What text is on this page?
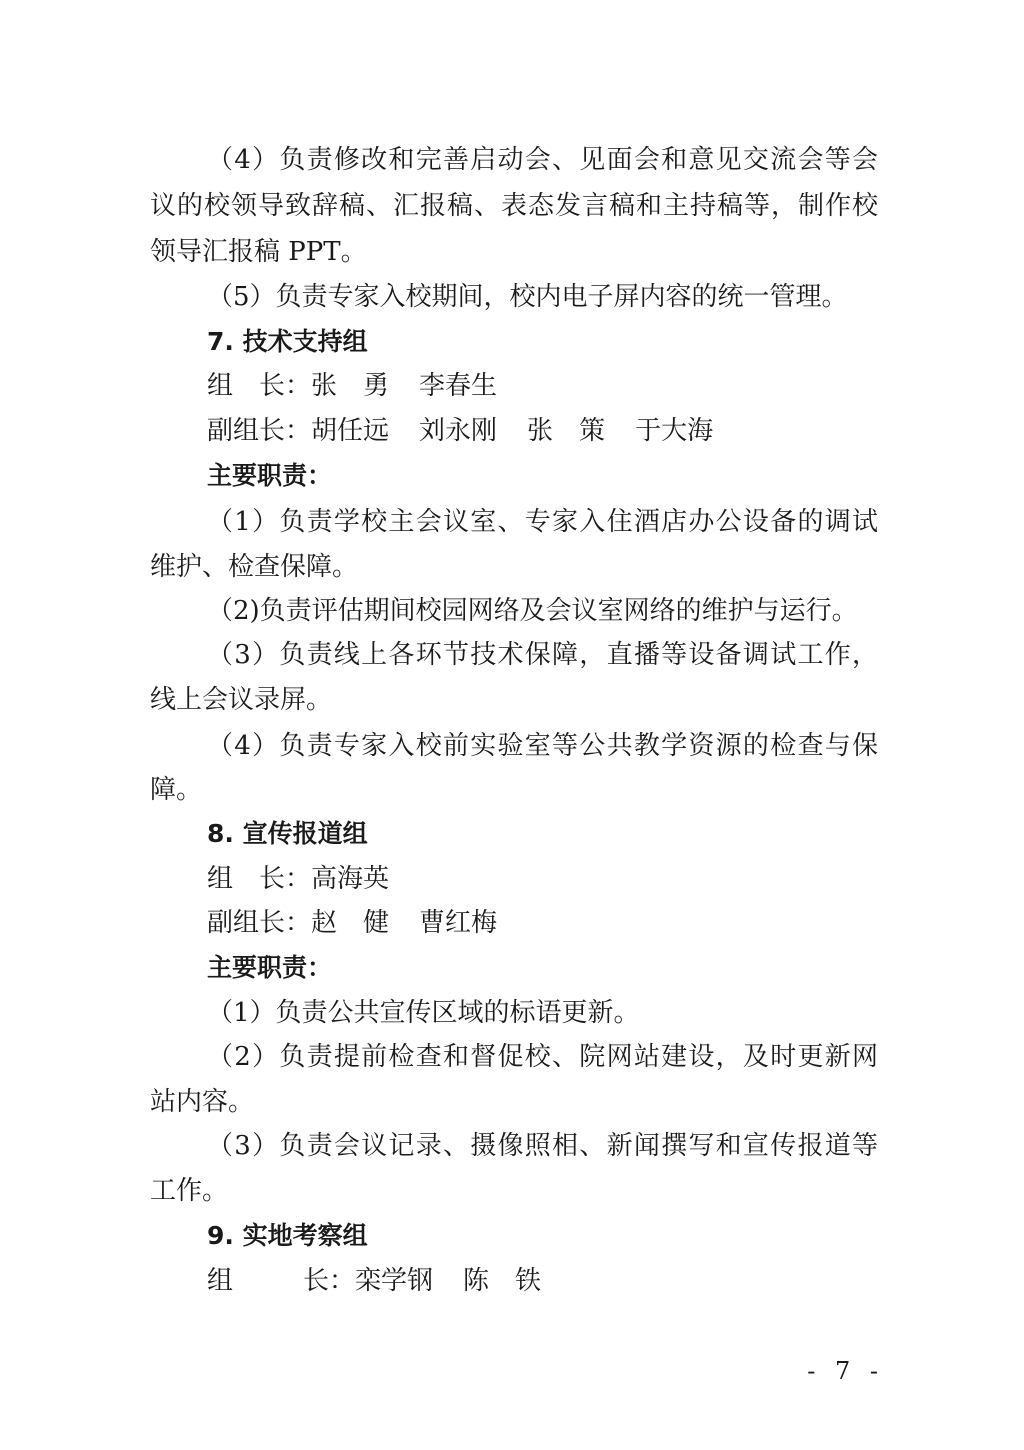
（4）负责修改和完善启动会、见面会和意见交流会等会
议的校领导致辞稿、汇报稿、表态发言稿和主持稿等，制作校
领导汇报稿 PPT。
（5）负责专家入校期间，校内电子屏内容的统一管理。
7. 技术支持组
组　长：张　勇 李春生
副组长：胡任远 刘永刚 张　策 于大海
主要职责：
（1）负责学校主会议室、专家入住酒店办公设备的调试
维护、检查保障。
（2)负责评估期间校园网络及会议室网络的维护与运行。
（3）负责线上各环节技术保障，直播等设备调试工作，
线上会议录屏。
（4）负责专家入校前实验室等公共教学资源的检查与保
障。
8. 宣传报道组
组　长：高海英
副组长：赵　健 曹红梅
主要职责：
（1）负责公共宣传区域的标语更新。
（2）负责提前检查和督促校、院网站建设，及时更新网
站内容。
（3）负责会议记录、摄像照相、新闻撰写和宣传报道等
工作。
9. 实地考察组
组	长：栾学钢 陈　铁
- 7 -
